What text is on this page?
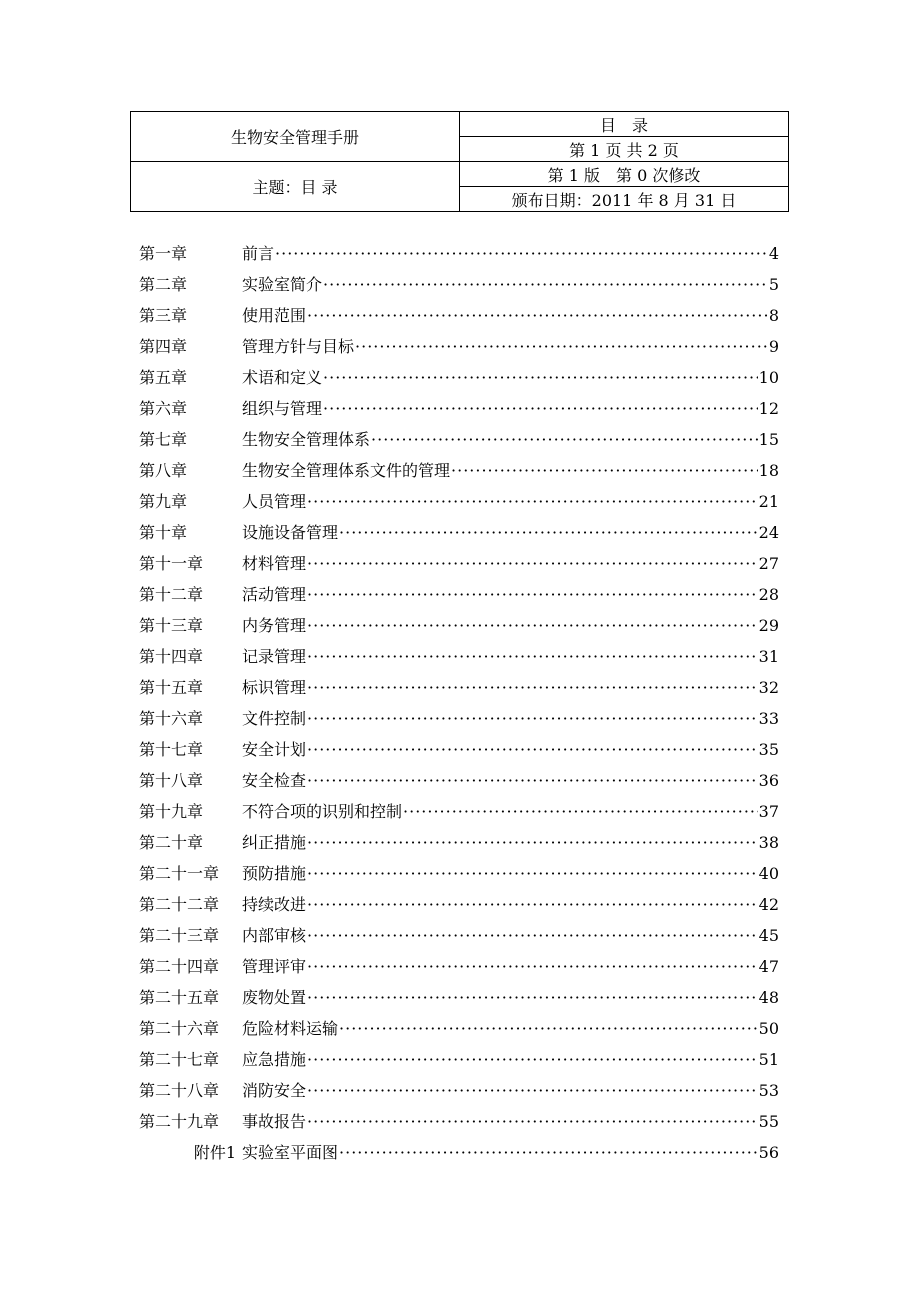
生物安全管理手册	目　录
	第 1 页 共 2 页
主题：目 录	第 1 版　第 0 次修改
	颁布日期：2011 年 8 月 31 日
第一章	前言 ·····	4
第二章	实验室简介 ·····	5
第三章	使用范围 ·····	8
第四章	管理方针与目标 ·····	9
第五章	术语和定义 ·····	10
第六章	组织与管理 ·····	12
第七章	生物安全管理体系 ·····	15
第八章	生物安全管理体系文件的管理 ·····	18
第九章	人员管理 ·····	21
第十章	设施设备管理 ·····	24
第十一章	材料管理 ·····	27
第十二章	活动管理 ·····	28
第十三章	内务管理 ·····	29
第十四章	记录管理 ·····	31
第十五章	标识管理 ·····	32
第十六章	文件控制 ·····	33
第十七章	安全计划 ·····	35
第十八章	安全检查 ·····	36
第十九章	不符合项的识别和控制 ·····	37
第二十章	纠正措施 ·····	38
第二十一章	预防措施 ·····	40
第二十二章	持续改进 ·····	42
第二十三章	内部审核 ·····	45
第二十四章	管理评审 ·····	47
第二十五章	废物处置 ·····	48
第二十六章	危险材料运输 ·····	50
第二十七章	应急措施 ·····	51
第二十八章	消防安全 ·····	53
第二十九章	事故报告 ·····	55
附件1 实验室平面图 ·····	56
